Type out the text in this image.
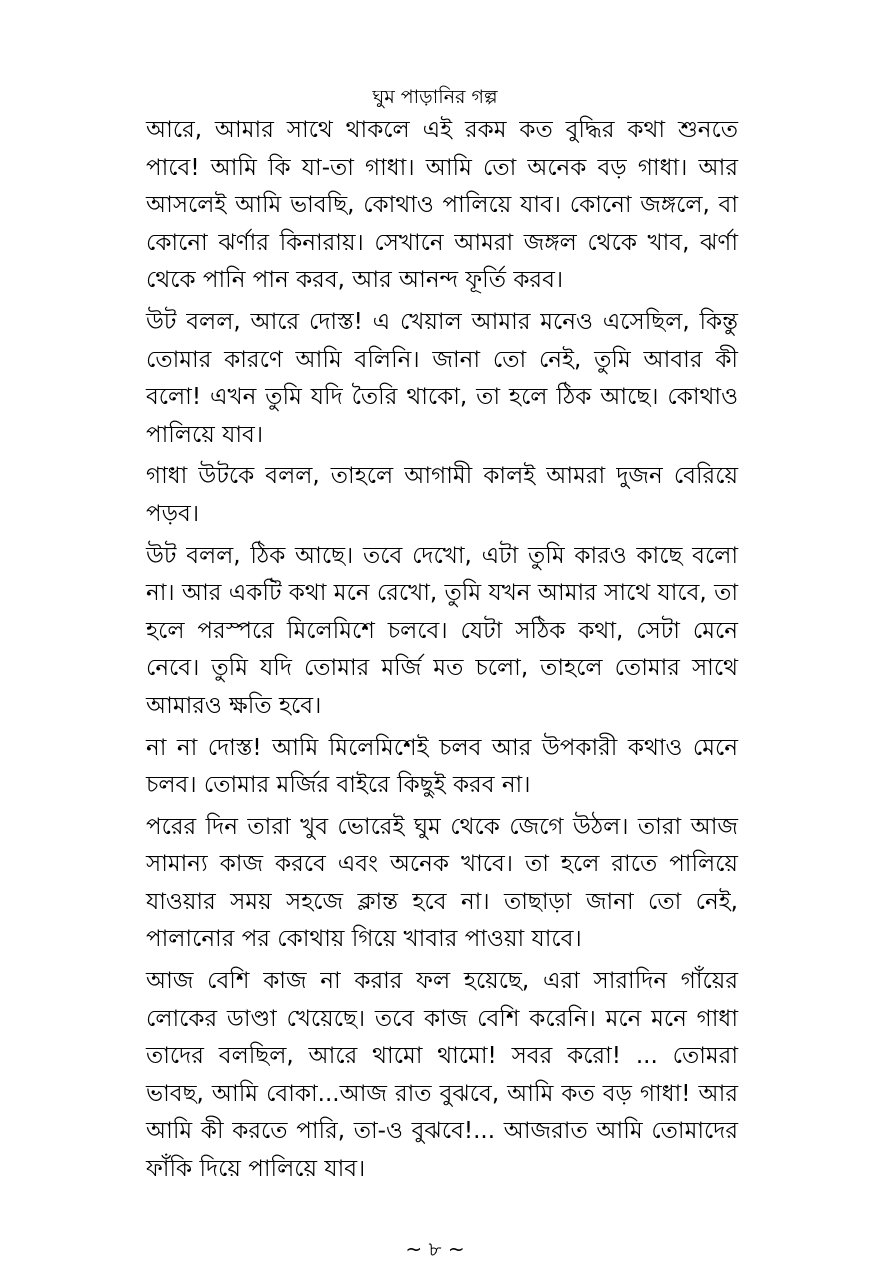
ঘুম পাড়ানির গল্প

আরে, আমার সাথে থাকলে এই রকম কত বুদ্ধির কথা শুনতে পাবে! আমি কি যা-তা গাধা। আমি তো অনেক বড় গাধা। আর আসলেই আমি ভাবছি, কোথাও পালিয়ে যাব। কোনো জঙ্গলে, বা কোনো ঝর্ণার কিনারায়। সেখানে আমরা জঙ্গল থেকে খাব, ঝর্ণা থেকে পানি পান করব, আর আনন্দ ফূর্তি করব।

উট বলল, আরে দোস্ত! এ খেয়াল আমার মনেও এসেছিল, কিন্তু তোমার কারণে আমি বলিনি। জানা তো নেই, তুমি আবার কী বলো! এখন তুমি যদি তৈরি থাকো, তা হলে ঠিক আছে। কোথাও পালিয়ে যাব।

গাধা উটকে বলল, তাহলে আগামী কালই আমরা দুজন বেরিয়ে পড়ব।

উট বলল, ঠিক আছে। তবে দেখো, এটা তুমি কারও কাছে বলো না। আর একটি কথা মনে রেখো, তুমি যখন আমার সাথে যাবে, তা হলে পরস্পরে মিলেমিশে চলবে। যেটা সঠিক কথা, সেটা মেনে নেবে। তুমি যদি তোমার মর্জি মত চলো, তাহলে তোমার সাথে আমারও ক্ষতি হবে।

না না দোস্ত! আমি মিলেমিশেই চলব আর উপকারী কথাও মেনে চলব। তোমার মর্জির বাইরে কিছুই করব না।

পরের দিন তারা খুব ভোরেই ঘুম থেকে জেগে উঠল। তারা আজ সামান্য কাজ করবে এবং অনেক খাবে। তা হলে রাতে পালিয়ে যাওয়ার সময় সহজে ক্লান্ত হবে না। তাছাড়া জানা তো নেই, পালানোর পর কোথায় গিয়ে খাবার পাওয়া যাবে।

আজ বেশি কাজ না করার ফল হয়েছে, এরা সারাদিন গাঁয়ের লোকের ডাণ্ডা খেয়েছে। তবে কাজ বেশি করেনি। মনে মনে গাধা তাদের বলছিল, আরে থামো থামো! সবর করো! ... তোমরা ভাবছ, আমি বোকা...আজ রাত বুঝবে, আমি কত বড় গাধা! আর আমি কী করতে পারি, তা-ও বুঝবে!... আজরাত আমি তোমাদের ফাঁকি দিয়ে পালিয়ে যাব।

~ ৮ ~
